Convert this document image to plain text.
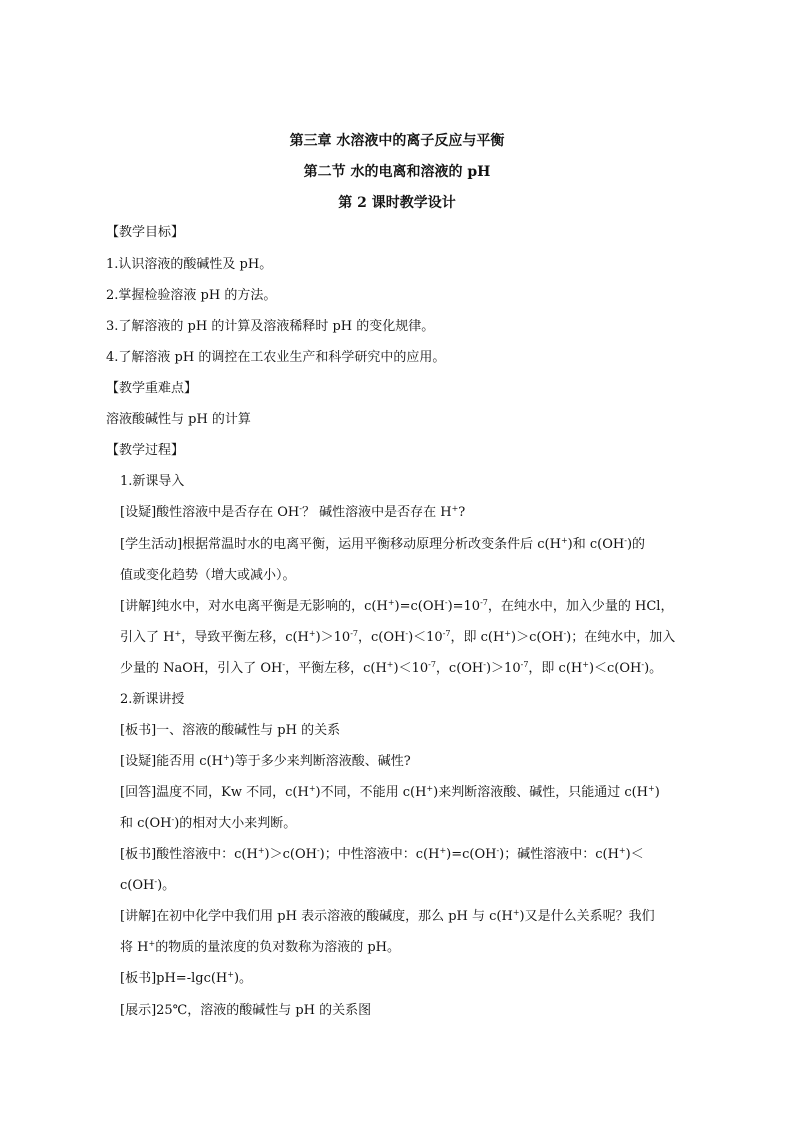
第三章 水溶液中的离子反应与平衡
第二节 水的电离和溶液的 pH
第 2 课时教学设计
【教学目标】
1.认识溶液的酸碱性及 pH。
2.掌握检验溶液 pH 的方法。
3.了解溶液的 pH 的计算及溶液稀释时 pH 的变化规律。
4.了解溶液 pH 的调控在工农业生产和科学研究中的应用。
【教学重难点】
溶液酸碱性与 pH 的计算
【教学过程】
1.新课导入
[设疑]酸性溶液中是否存在 OH-？ 碱性溶液中是否存在 H+?
[学生活动]根据常温时水的电离平衡，运用平衡移动原理分析改变条件后 c(H+)和 c(OH-)的
值或变化趋势（增大或减小）。
[讲解]纯水中，对水电离平衡是无影响的，$c(H^+)=c(OH^-)=10^{-7}$，在纯水中，加入少量的 HCl，
引入了 H+，导致平衡左移，$c(H^+)>10^{-7}$，$c(OH^-)<10^{-7}$，即 c(H+)＞c(OH-)；在纯水中，加入
少量的 NaOH，引入了 OH-，平衡左移，$c(H^+)<10^{-7}$，$c(OH^-)>10^{-7}$，即 c(H+)＜c(OH-)。
2.新课讲授
[板书]一、溶液的酸碱性与 pH 的关系
[设疑]能否用 c(H+)等于多少来判断溶液酸、碱性?
[回答]温度不同，Kw 不同，c(H+)不同，不能用 c(H+)来判断溶液酸、碱性，只能通过 c(H+)
和 c(OH-)的相对大小来判断。
[板书]酸性溶液中：c(H+)＞c(OH-)；中性溶液中：c(H+)=c(OH-)；碱性溶液中：c(H+)＜
c(OH-)。
[讲解]在初中化学中我们用 pH 表示溶液的酸碱度，那么 pH 与 c(H+)又是什么关系呢？我们
将 H+的物质的量浓度的负对数称为溶液的 pH。
[板书]pH=-lgc(H+)。
[展示]25℃，溶液的酸碱性与 pH 的关系图
